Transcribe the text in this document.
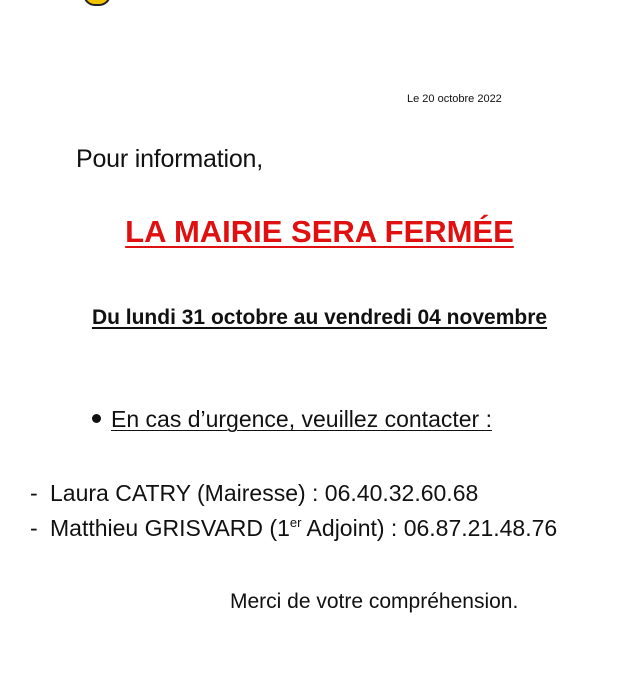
Le 20 octobre 2022
Pour information,
LA MAIRIE SERA FERMÉE
Du lundi 31 octobre au vendredi 04 novembre
En cas d’urgence, veuillez contacter :
- Laura CATRY (Mairesse) : 06.40.32.60.68
- Matthieu GRISVARD (1er Adjoint) : 06.87.21.48.76
Merci de votre compréhension.
